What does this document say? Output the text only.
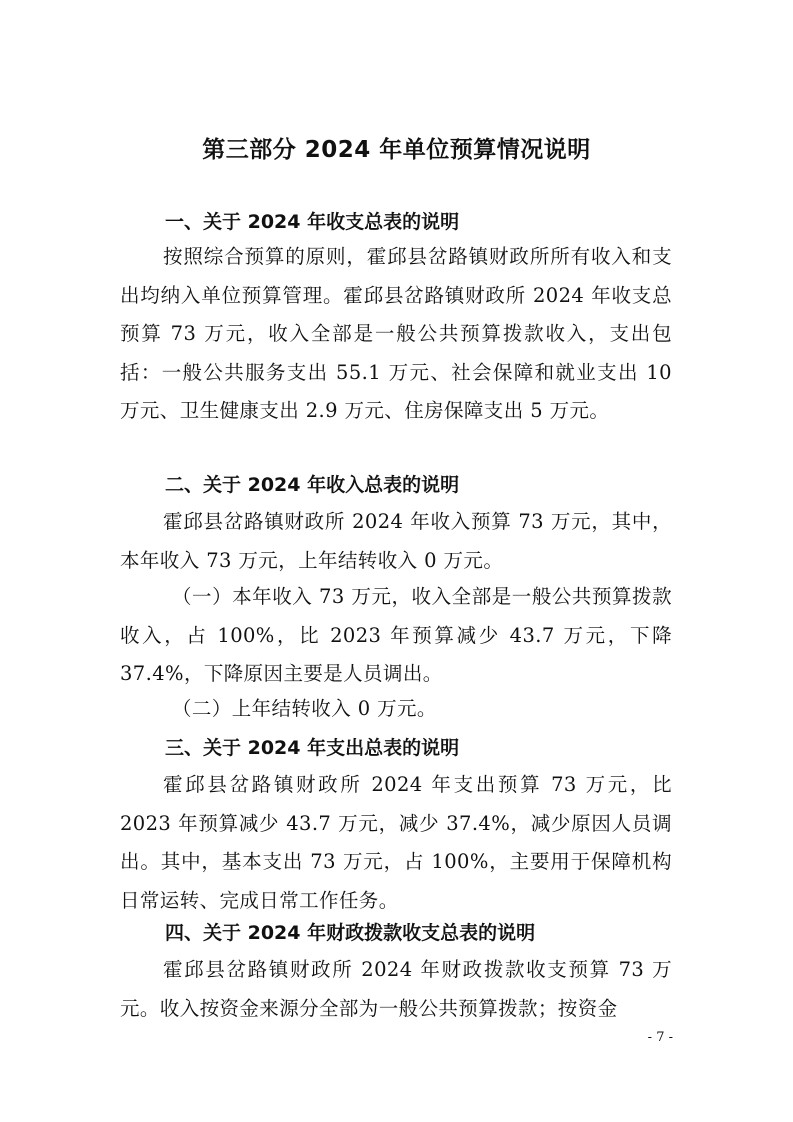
第三部分 2024 年单位预算情况说明
一、关于 2024 年收支总表的说明
按照综合预算的原则，霍邱县岔路镇财政所所有收入和支出均纳入单位预算管理。霍邱县岔路镇财政所 2024 年收支总预算 73 万元，收入全部是一般公共预算拨款收入，支出包括：一般公共服务支出 55.1 万元、社会保障和就业支出 10 万元、卫生健康支出 2.9 万元、住房保障支出 5 万元。
二、关于 2024 年收入总表的说明
霍邱县岔路镇财政所 2024 年收入预算 73 万元，其中，本年收入 73 万元，上年结转收入 0 万元。
（一）本年收入 73 万元，收入全部是一般公共预算拨款收入，占 100%，比 2023 年预算减少 43.7 万元，下降 37.4%，下降原因主要是人员调出。
（二）上年结转收入 0 万元。
三、关于 2024 年支出总表的说明
霍邱县岔路镇财政所 2024 年支出预算 73 万元，比 2023 年预算减少 43.7 万元，减少 37.4%，减少原因人员调出。其中，基本支出 73 万元，占 100%，主要用于保障机构日常运转、完成日常工作任务。
四、关于 2024 年财政拨款收支总表的说明
霍邱县岔路镇财政所 2024 年财政拨款收支预算 73 万元。收入按资金来源分全部为一般公共预算拨款；按资金
- 7 -
